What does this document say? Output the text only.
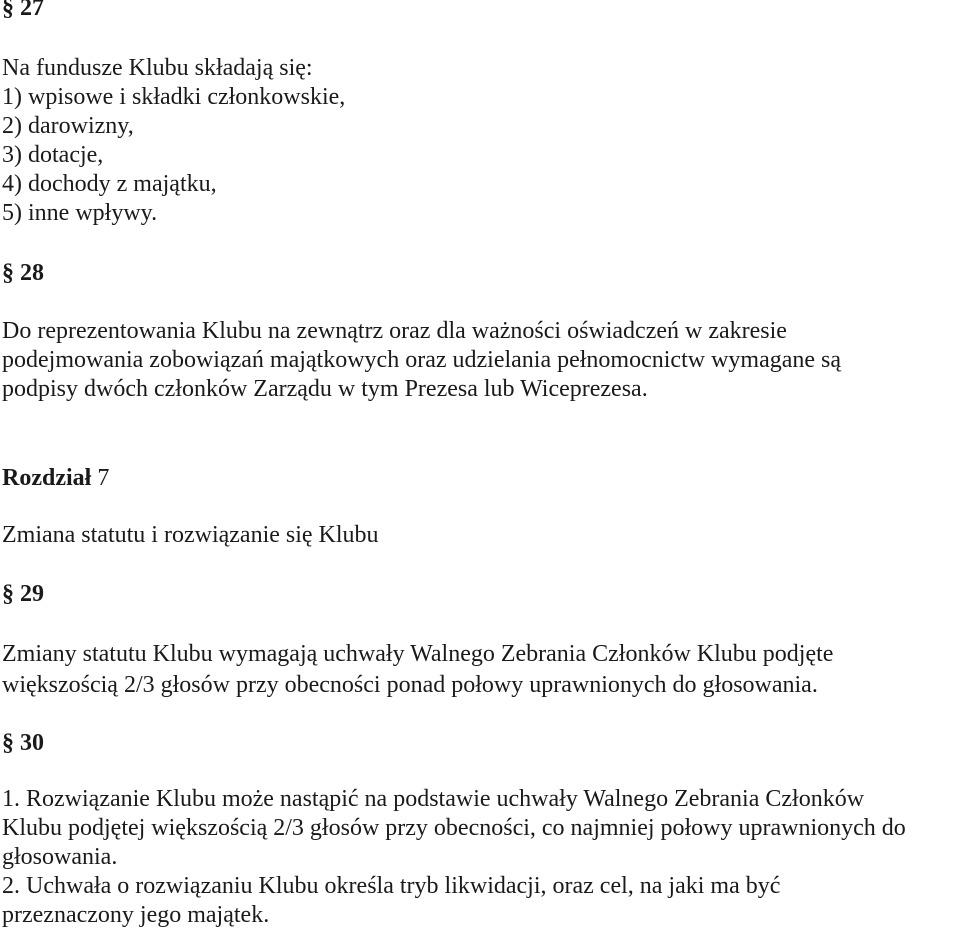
§ 27
Na fundusze Klubu składają się:
1) wpisowe i składki członkowskie,
2) darowizny,
3) dotacje,
4) dochody z majątku,
5) inne wpływy.
§ 28
Do reprezentowania Klubu na zewnątrz oraz dla ważności oświadczeń w zakresie
podejmowania zobowiązań majątkowych oraz udzielania pełnomocnictw wymagane są
podpisy dwóch członków Zarządu w tym Prezesa lub Wiceprezesa.
Rozdział 7
Zmiana statutu i rozwiązanie się Klubu
§ 29
Zmiany statutu Klubu wymagają uchwały Walnego Zebrania Członków Klubu podjęte
większością 2/3 głosów przy obecności ponad połowy uprawnionych do głosowania.
§ 30
1. Rozwiązanie Klubu może nastąpić na podstawie uchwały Walnego Zebrania Członków
Klubu podjętej większością 2/3 głosów przy obecności, co najmniej połowy uprawnionych do
głosowania.
2. Uchwała o rozwiązaniu Klubu określa tryb likwidacji, oraz cel, na jaki ma być
przeznaczony jego majątek.
